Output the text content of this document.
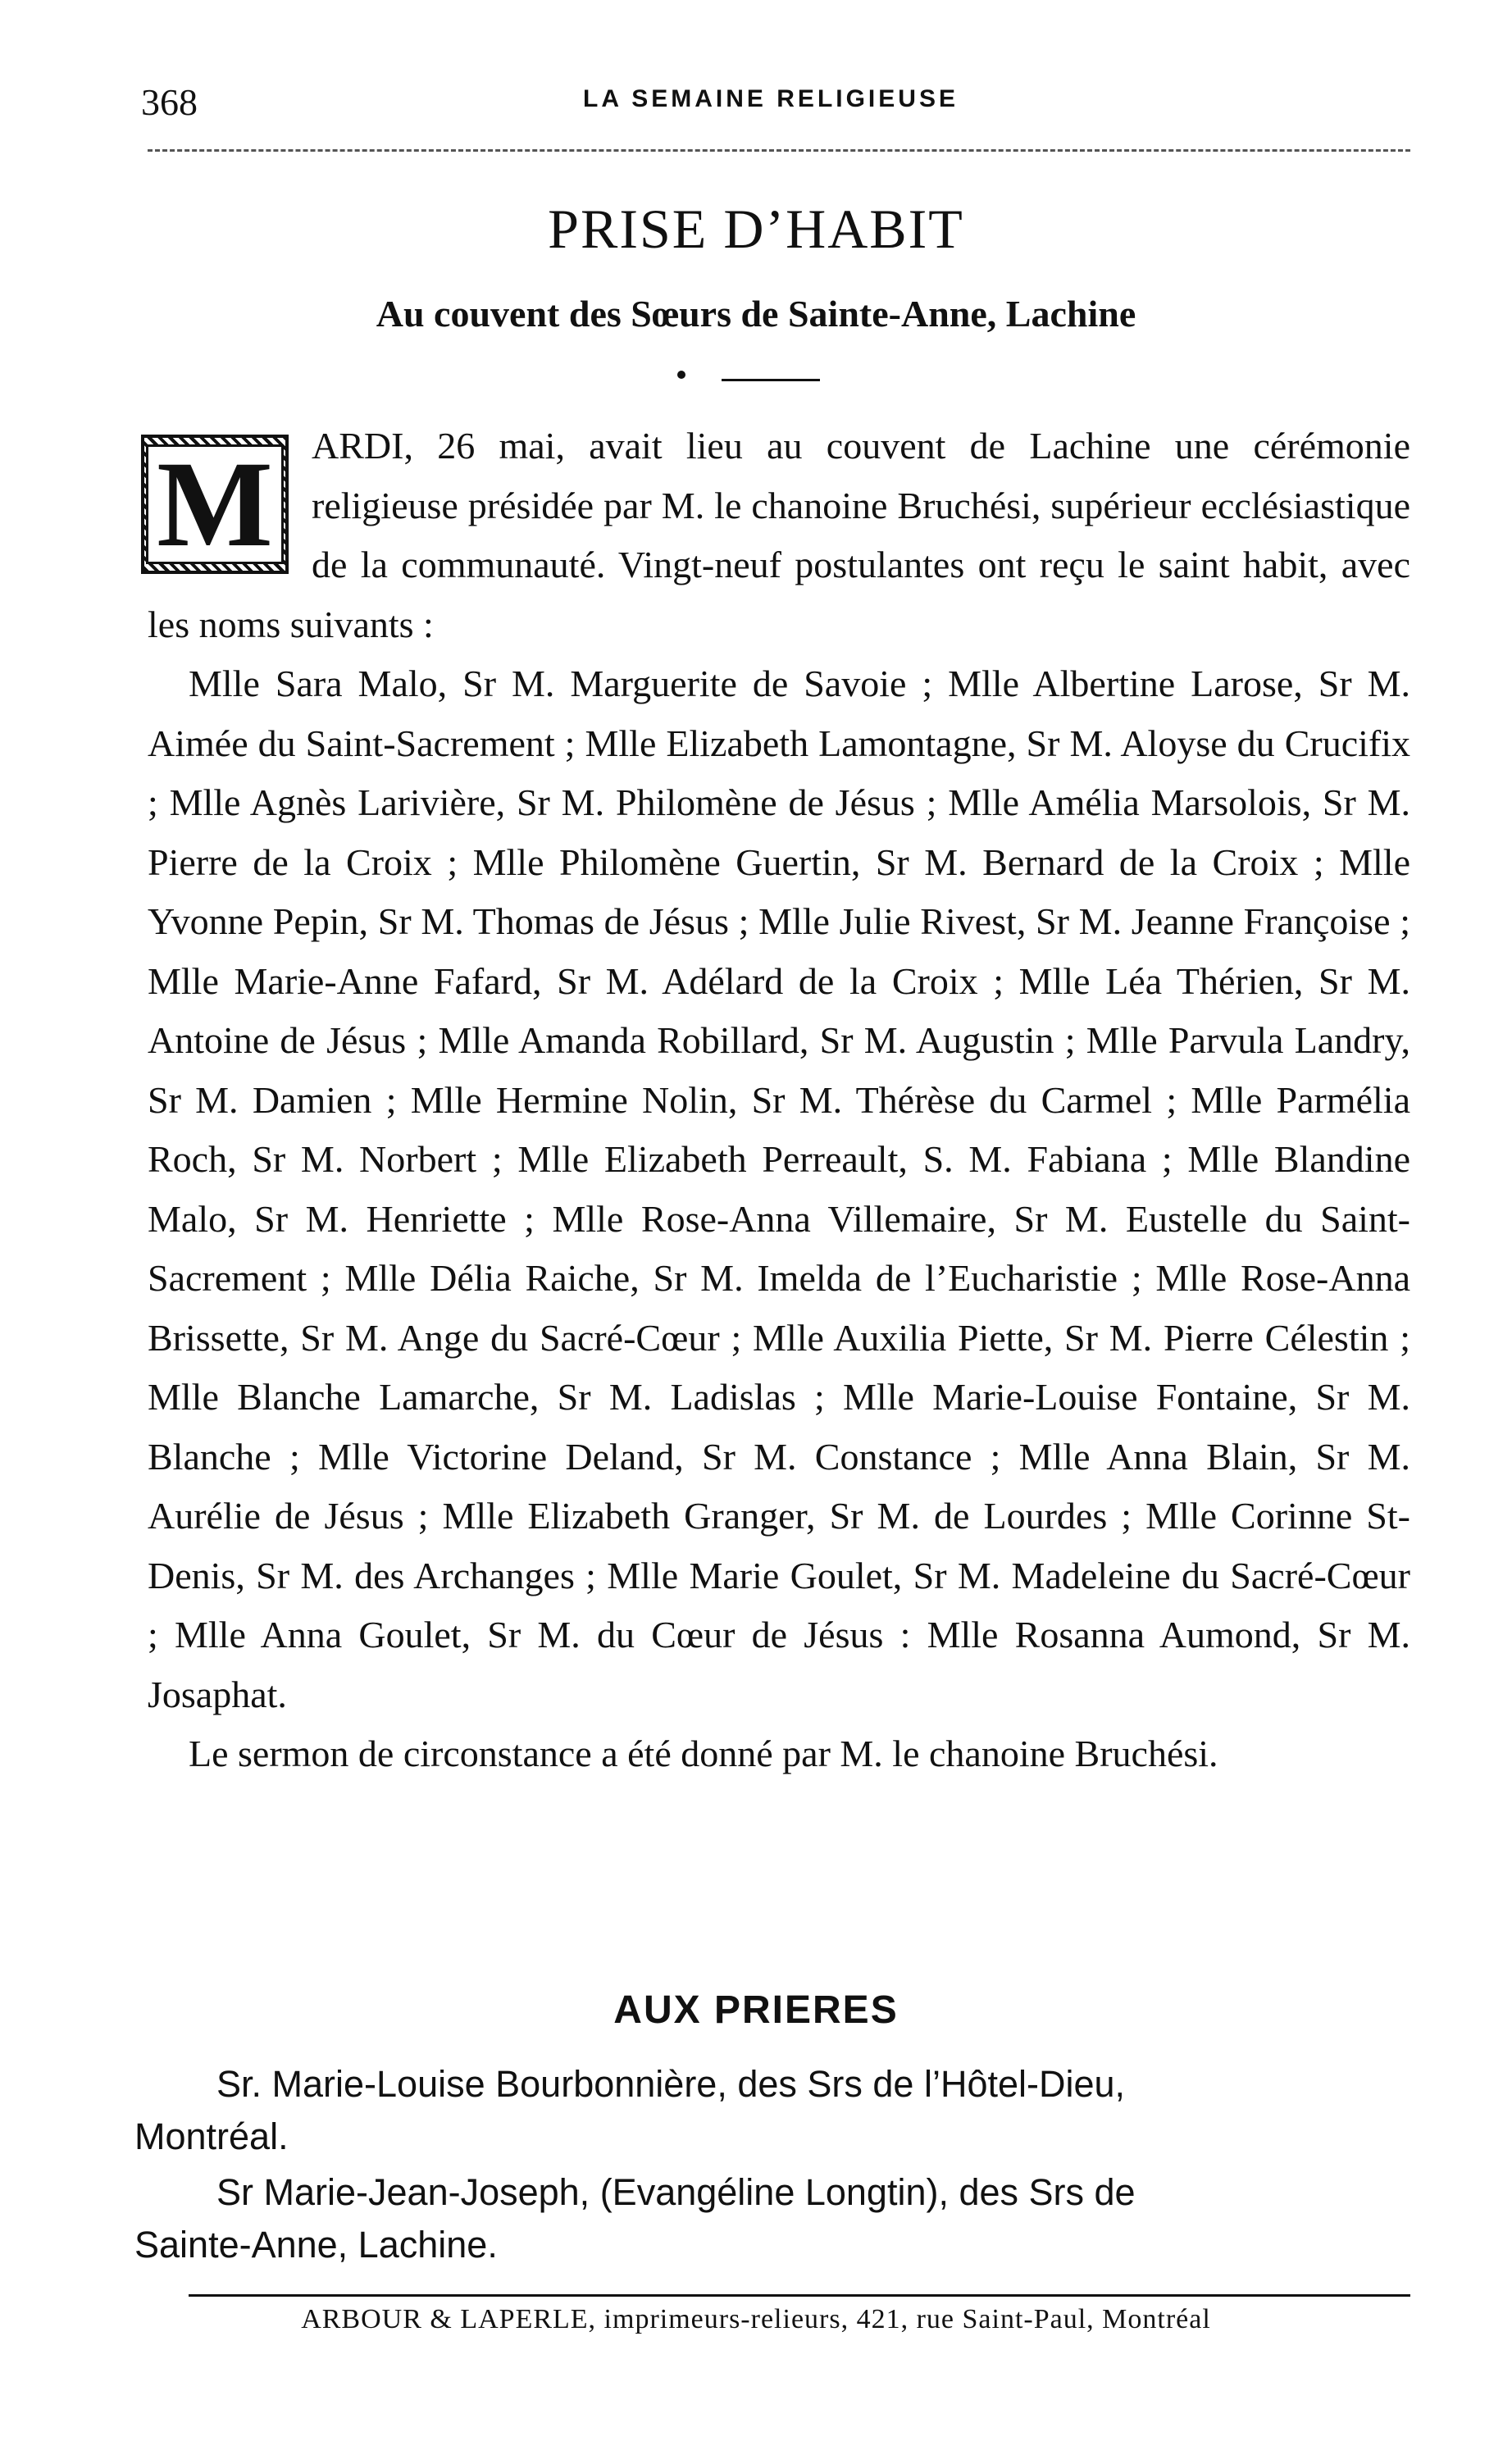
368	LA SEMAINE RELIGIEUSE
PRISE D’HABIT
Au couvent des Sœurs de Sainte-Anne, Lachine
M	ARDI, 26 mai, avait lieu au couvent de Lachine une cérémonie religieuse présidée par M. le chanoine Bruchési, supérieur ecclésiastique de la communauté. Vingt-neuf postulantes ont reçu le saint habit, avec les noms suivants :

Mlle Sara Malo, Sr M. Marguerite de Savoie ; Mlle Albertine Larose, Sr M. Aimée du Saint-Sacrement ; Mlle Elizabeth Lamontagne, Sr M. Aloyse du Crucifix ; Mlle Agnès Larivière, Sr M. Philomène de Jésus ; Mlle Amélia Marsolois, Sr M. Pierre de la Croix ; Mlle Philomène Guertin, Sr M. Bernard de la Croix ; Mlle Yvonne Pepin, Sr M. Thomas de Jésus ; Mlle Julie Rivest, Sr M. Jeanne Françoise ; Mlle Marie-Anne Fafard, Sr M. Adélard de la Croix ; Mlle Léa Thérien, Sr M. Antoine de Jésus ; Mlle Amanda Robillard, Sr M. Augustin ; Mlle Parvula Landry, Sr M. Damien ; Mlle Hermine Nolin, Sr M. Thérèse du Carmel ; Mlle Parmélia Roch, Sr M. Norbert ; Mlle Elizabeth Perreault, S. M. Fabiana ; Mlle Blandine Malo, Sr M. Henriette ; Mlle Rose-Anna Villemaire, Sr M. Eustelle du Saint-Sacrement ; Mlle Délia Raiche, Sr M. Imelda de l’Eucharistie ; Mlle Rose-Anna Brissette, Sr M. Ange du Sacré-Cœur ; Mlle Auxilia Piette, Sr M. Pierre Célestin ; Mlle Blanche Lamarche, Sr M. Ladislas ; Mlle Marie-Louise Fontaine, Sr M. Blanche ; Mlle Victorine Deland, Sr M. Constance ; Mlle Anna Blain, Sr M. Aurélie de Jésus ; Mlle Elizabeth Granger, Sr M. de Lourdes ; Mlle Corinne St-Denis, Sr M. des Archanges ; Mlle Marie Goulet, Sr M. Madeleine du Sacré-Cœur ; Mlle Anna Goulet, Sr M. du Cœur de Jésus : Mlle Rosanna Aumond, Sr M. Josaphat.

Le sermon de circonstance a été donné par M. le chanoine Bruchési.

AUX PRIERES

Sr. Marie-Louise Bourbonnière, des Srs de l’Hôtel-Dieu,
Montréal.

Sr Marie-Jean-Joseph, (Evangéline Longtin), des Srs de
Sainte-Anne, Lachine.

ARBOUR & LAPERLE, imprimeurs-relieurs, 421, rue Saint-Paul, Montréal
